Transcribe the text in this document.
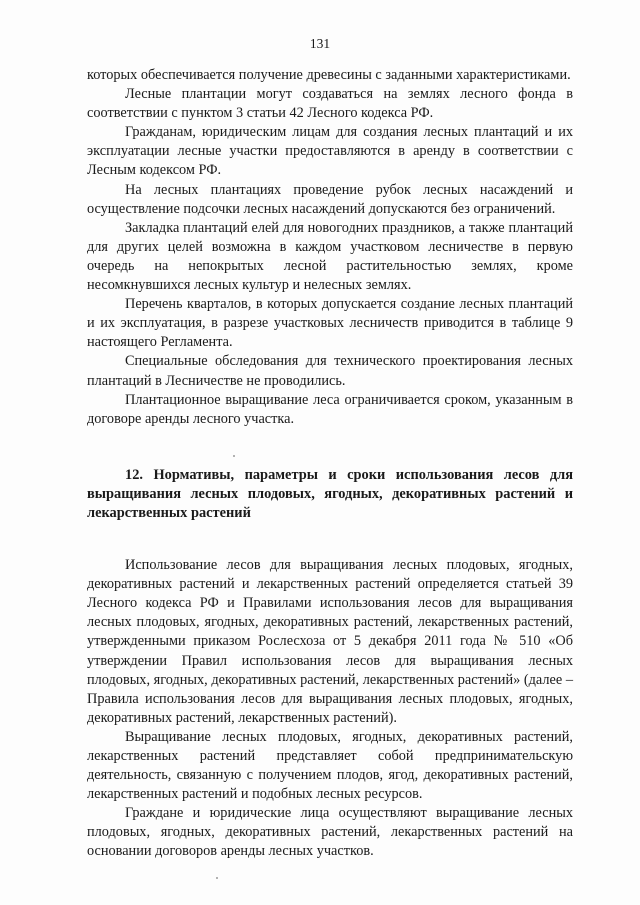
131

которых обеспечивается получение древесины с заданными характеристиками.

Лесные плантации могут создаваться на землях лесного фонда в соответствии с пунктом 3 статьи 42 Лесного кодекса РФ.

Гражданам, юридическим лицам для создания лесных плантаций и их эксплуатации лесные участки предоставляются в аренду в соответствии с Лесным кодексом РФ.

На лесных плантациях проведение рубок лесных насаждений и осуществление подсочки лесных насаждений допускаются без ограничений.

Закладка плантаций елей для новогодних праздников, а также плантаций для других целей возможна в каждом участковом лесничестве в первую очередь на непокрытых лесной растительностью землях, кроме несомкнувшихся лесных культур и нелесных землях.

Перечень кварталов, в которых допускается создание лесных плантаций и их эксплуатация, в разрезе участковых лесничеств приводится в таблице 9 настоящего Регламента.

Специальные обследования для технического проектирования лесных плантаций в Лесничестве не проводились.

Плантационное выращивание леса ограничивается сроком, указанным в договоре аренды лесного участка.

12. Нормативы, параметры и сроки использования лесов для выращивания лесных плодовых, ягодных, декоративных растений и лекарственных растений

Использование лесов для выращивания лесных плодовых, ягодных, декоративных растений и лекарственных растений определяется статьей 39 Лесного кодекса РФ и Правилами использования лесов для выращивания лесных плодовых, ягодных, декоративных растений, лекарственных растений, утвержденными приказом Рослесхоза от 5 декабря 2011 года № 510 «Об утверждении Правил использования лесов для выращивания лесных плодовых, ягодных, декоративных растений, лекарственных растений» (далее – Правила использования лесов для выращивания лесных плодовых, ягодных, декоративных растений, лекарственных растений).

Выращивание лесных плодовых, ягодных, декоративных растений, лекарственных растений представляет собой предпринимательскую деятельность, связанную с получением плодов, ягод, декоративных растений, лекарственных растений и подобных лесных ресурсов.

Граждане и юридические лица осуществляют выращивание лесных плодовых, ягодных, декоративных растений, лекарственных растений на основании договоров аренды лесных участков.
